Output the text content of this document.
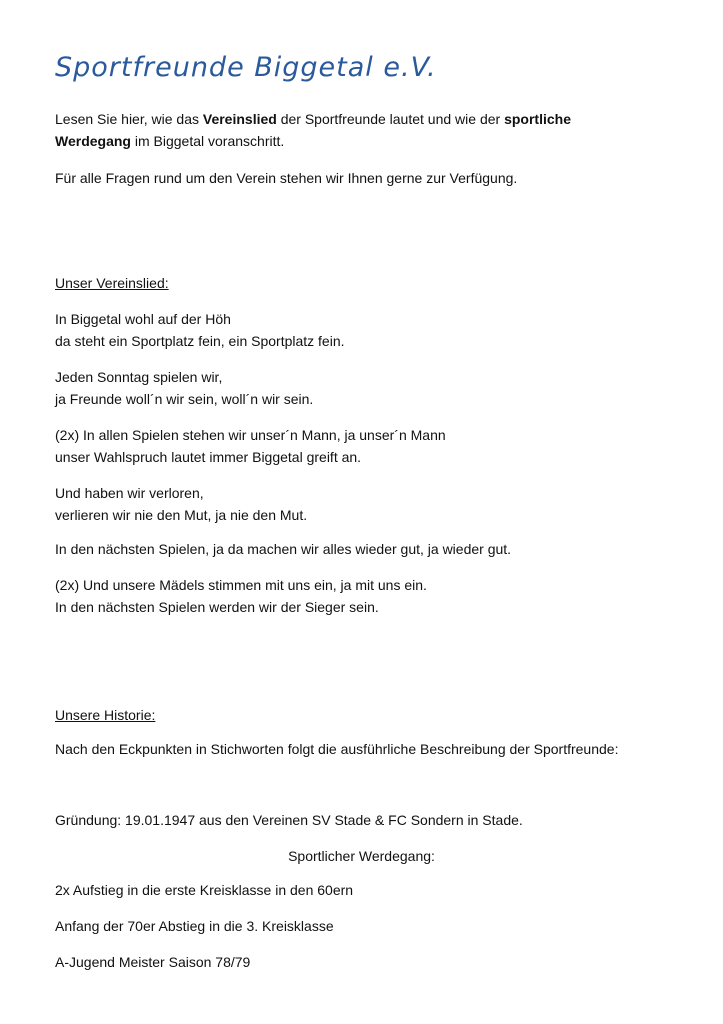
Sportfreunde Biggetal e.V.
Lesen Sie hier, wie das Vereinslied der Sportfreunde lautet und wie der sportliche
Werdegang im Biggetal voranschritt.
Für alle Fragen rund um den Verein stehen wir Ihnen gerne zur Verfügung.
Unser Vereinslied:
In Biggetal wohl auf der Höh
da steht ein Sportplatz fein, ein Sportplatz fein.
Jeden Sonntag spielen wir,
ja Freunde woll´n wir sein, woll´n wir sein.
(2x) In allen Spielen stehen wir unser´n Mann, ja unser´n Mann
unser Wahlspruch lautet immer Biggetal greift an.
Und haben wir verloren,
verlieren wir nie den Mut, ja nie den Mut.
In den nächsten Spielen, ja da machen wir alles wieder gut, ja wieder gut.
(2x) Und unsere Mädels stimmen mit uns ein, ja mit uns ein.
In den nächsten Spielen werden wir der Sieger sein.
Unsere Historie:
Nach den Eckpunkten in Stichworten folgt die ausführliche Beschreibung der Sportfreunde:
Gründung: 19.01.1947 aus den Vereinen SV Stade & FC Sondern in Stade.
Sportlicher Werdegang:
2x Aufstieg in die erste Kreisklasse in den 60ern
Anfang der 70er Abstieg in die 3. Kreisklasse
A-Jugend Meister Saison 78/79
